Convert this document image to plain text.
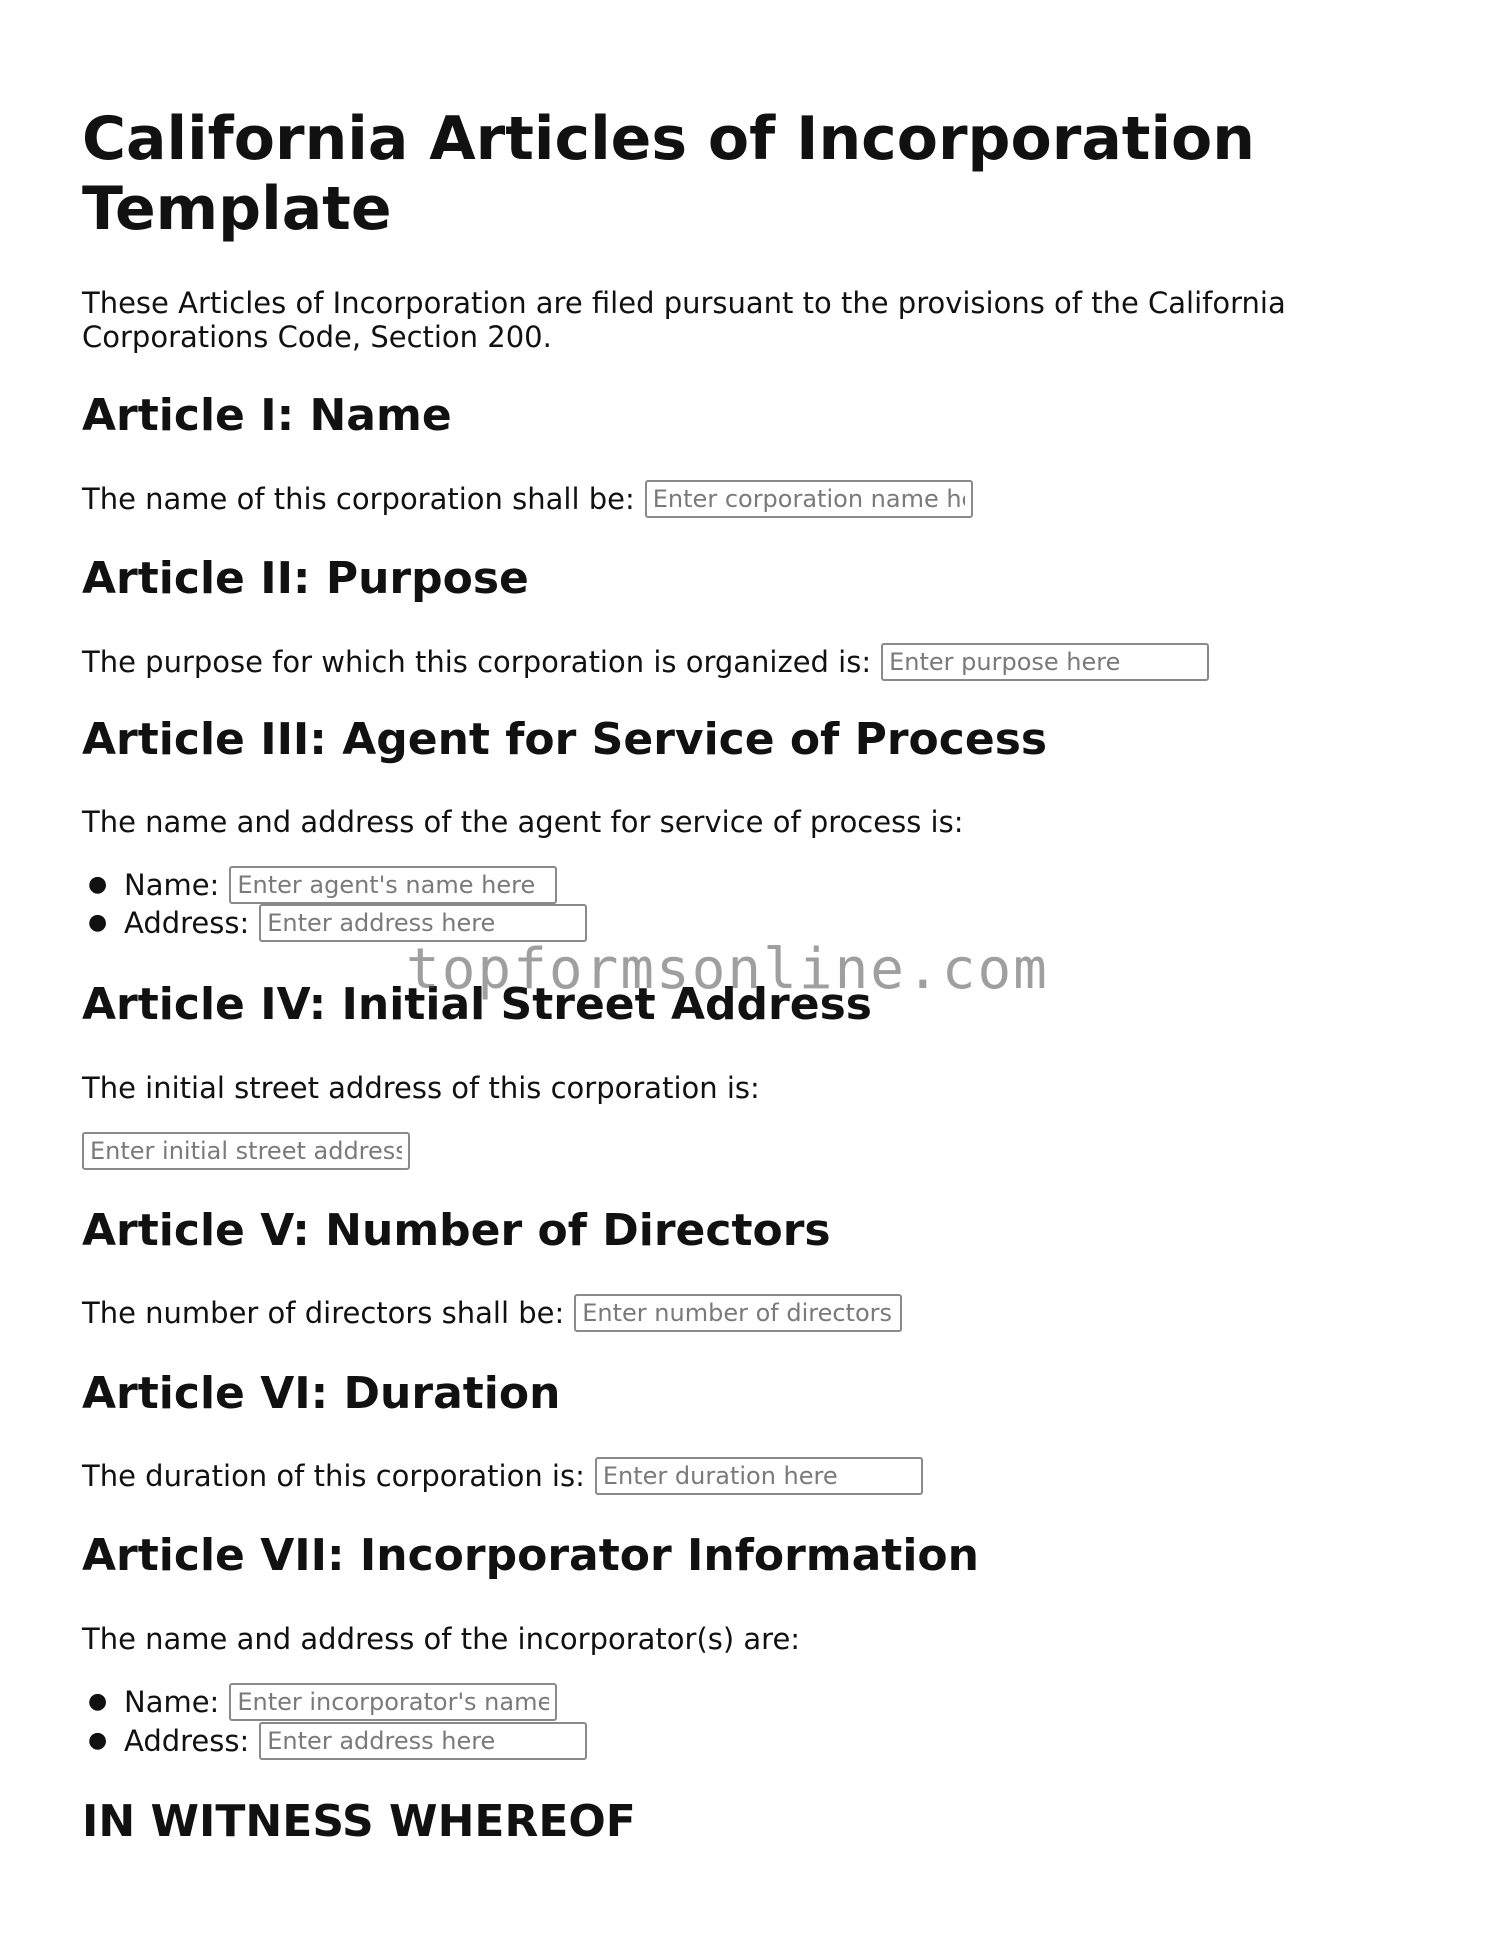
California Articles of Incorporation Template

These Articles of Incorporation are filed pursuant to the provisions of the California Corporations Code, Section 200.

Article I: Name
The name of this corporation shall be:
Enter corporation name here
Article II: Purpose
The purpose for which this corporation is organized is:
Enter purpose here
Article III: Agent for Service of Process

The name and address of the agent for service of process is:

● Name:
Enter agent's name here
● Address:
Enter address here
Article IV: Initial Street Address

The initial street address of this corporation is:

Enter initial street address
Article V: Number of Directors
The number of directors shall be:
Enter number of directors
Article VI: Duration
The duration of this corporation is:
Enter duration here
Article VII: Incorporator Information

The name and address of the incorporator(s) are:

● Name:
Enter incorporator's name
● Address:
Enter address here
IN WITNESS WHEREOF
topformsonline.com
